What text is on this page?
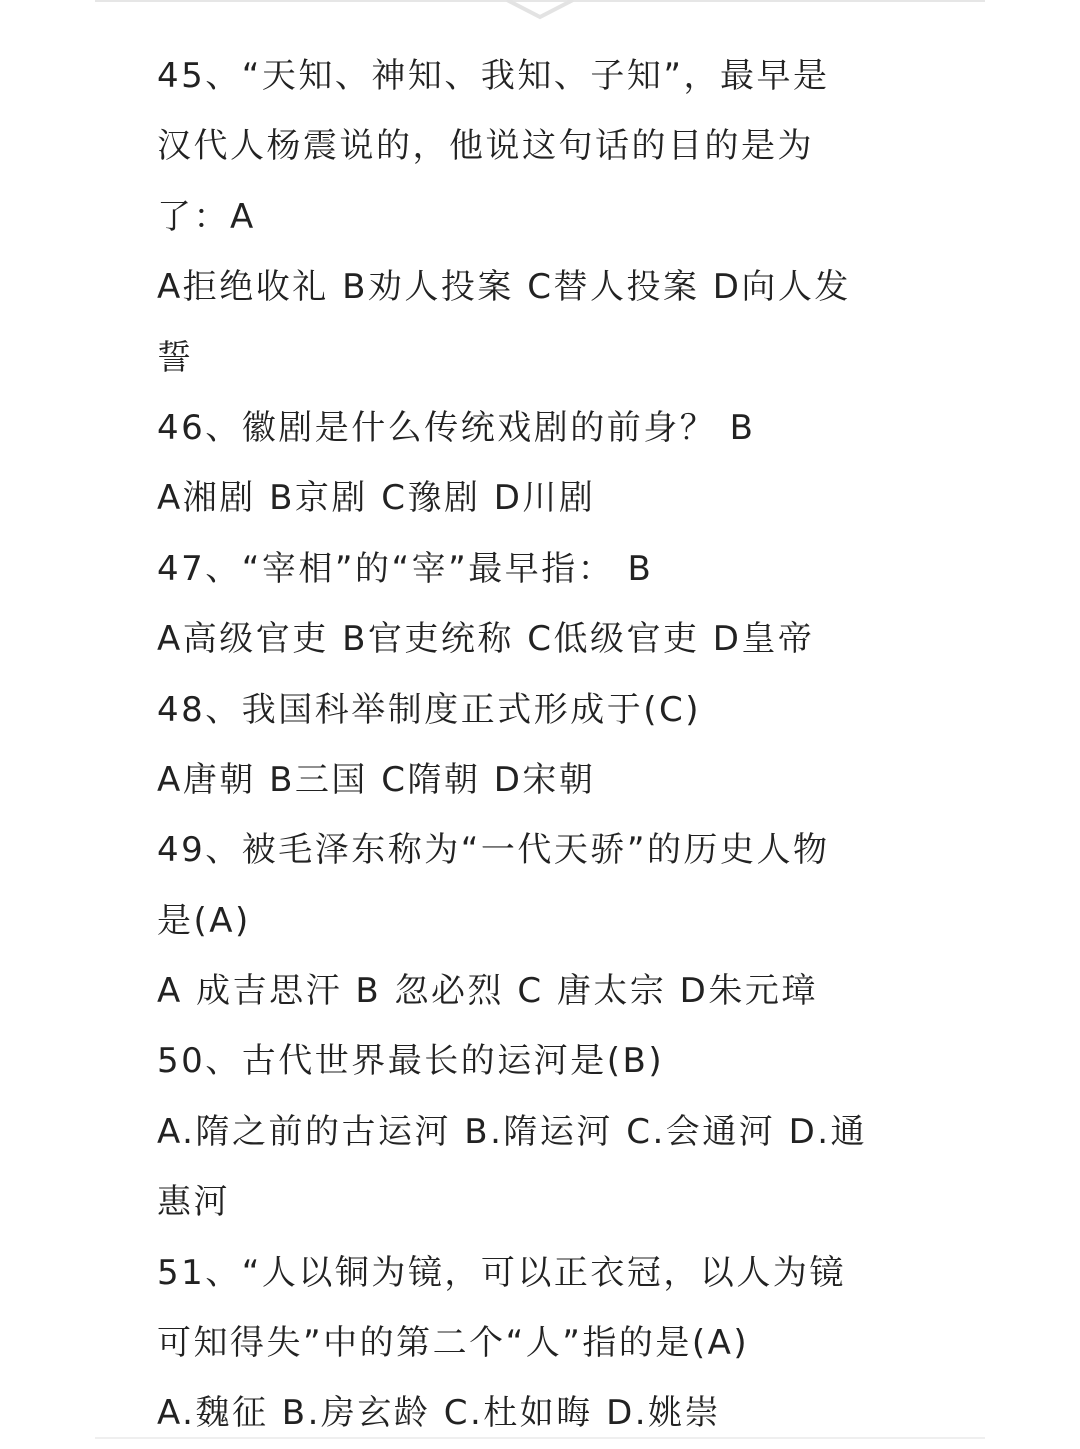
45、“天知、神知、我知、子知”，最早是
汉代人杨震说的，他说这句话的目的是为
了：A
A拒绝收礼 B劝人投案 C替人投案 D向人发
誓
46、徽剧是什么传统戏剧的前身？ B
A湘剧 B京剧 C豫剧 D川剧
47、“宰相”的“宰”最早指： B
A高级官吏 B官吏统称 C低级官吏 D皇帝
48、我国科举制度正式形成于(C)
A唐朝 B三国 C隋朝 D宋朝
49、被毛泽东称为“一代天骄”的历史人物
是(A)
A 成吉思汗 B 忽必烈 C 唐太宗 D朱元璋
50、古代世界最长的运河是(B)
A.隋之前的古运河 B.隋运河 C.会通河 D.通
惠河
51、“人以铜为镜，可以正衣冠，以人为镜
可知得失”中的第二个“人”指的是(A)
A.魏征 B.房玄龄 C.杜如晦 D.姚崇
